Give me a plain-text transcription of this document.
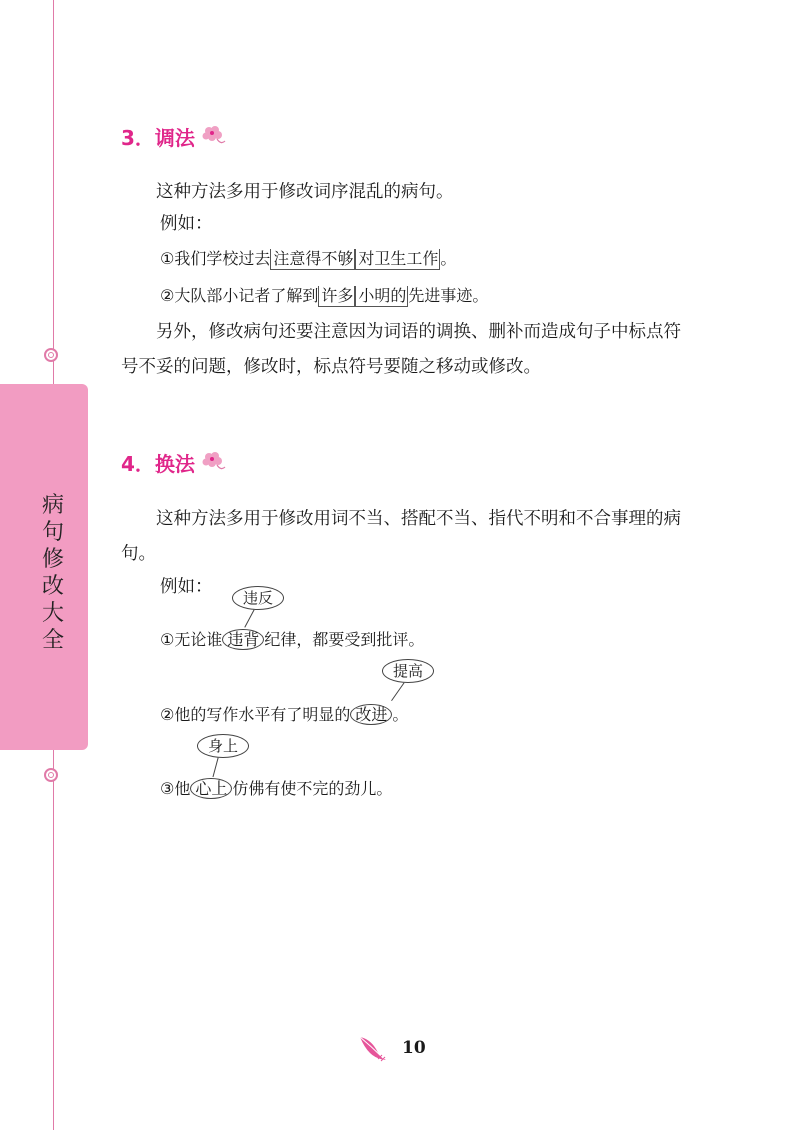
病
句
修
改
大
全
3．调法

这种方法多用于修改词序混乱的病句。

例如：
①我们学校过去 注意得不够 对卫生工作 。
②大队部小记者了解到 许多 小明的 先进事迹。

另外，修改病句还要注意因为词语的调换、删补而造成句子中标点符号不妥的问题，修改时，标点符号要随之移动或修改。

4．换法

这种方法多用于修改用词不当、搭配不当、指代不明和不合事理的病句。

例如：
违反
①无论谁 违背 纪律，都要受到批评。
提高
②他的写作水平有了明显的 改进 。
身上
③他 心上 仿佛有使不完的劲儿。
10
